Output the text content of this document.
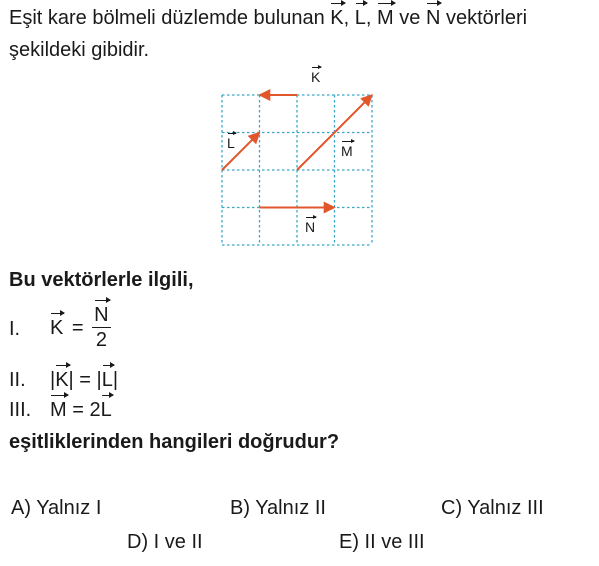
Eşit kare bölmeli düzlemde bulunan K, L, M ve N vektörleri
şekildeki gibidir.
K
L	M
N
Bu vektörlerle ilgili,
I. $K = \frac{N}{2}$
II. |K| = |L|
III. M = 2L
eşitliklerinden hangileri doğrudur?
A) Yalnız I	B) Yalnız II	C) Yalnız III
D) I ve II	E) II ve III
